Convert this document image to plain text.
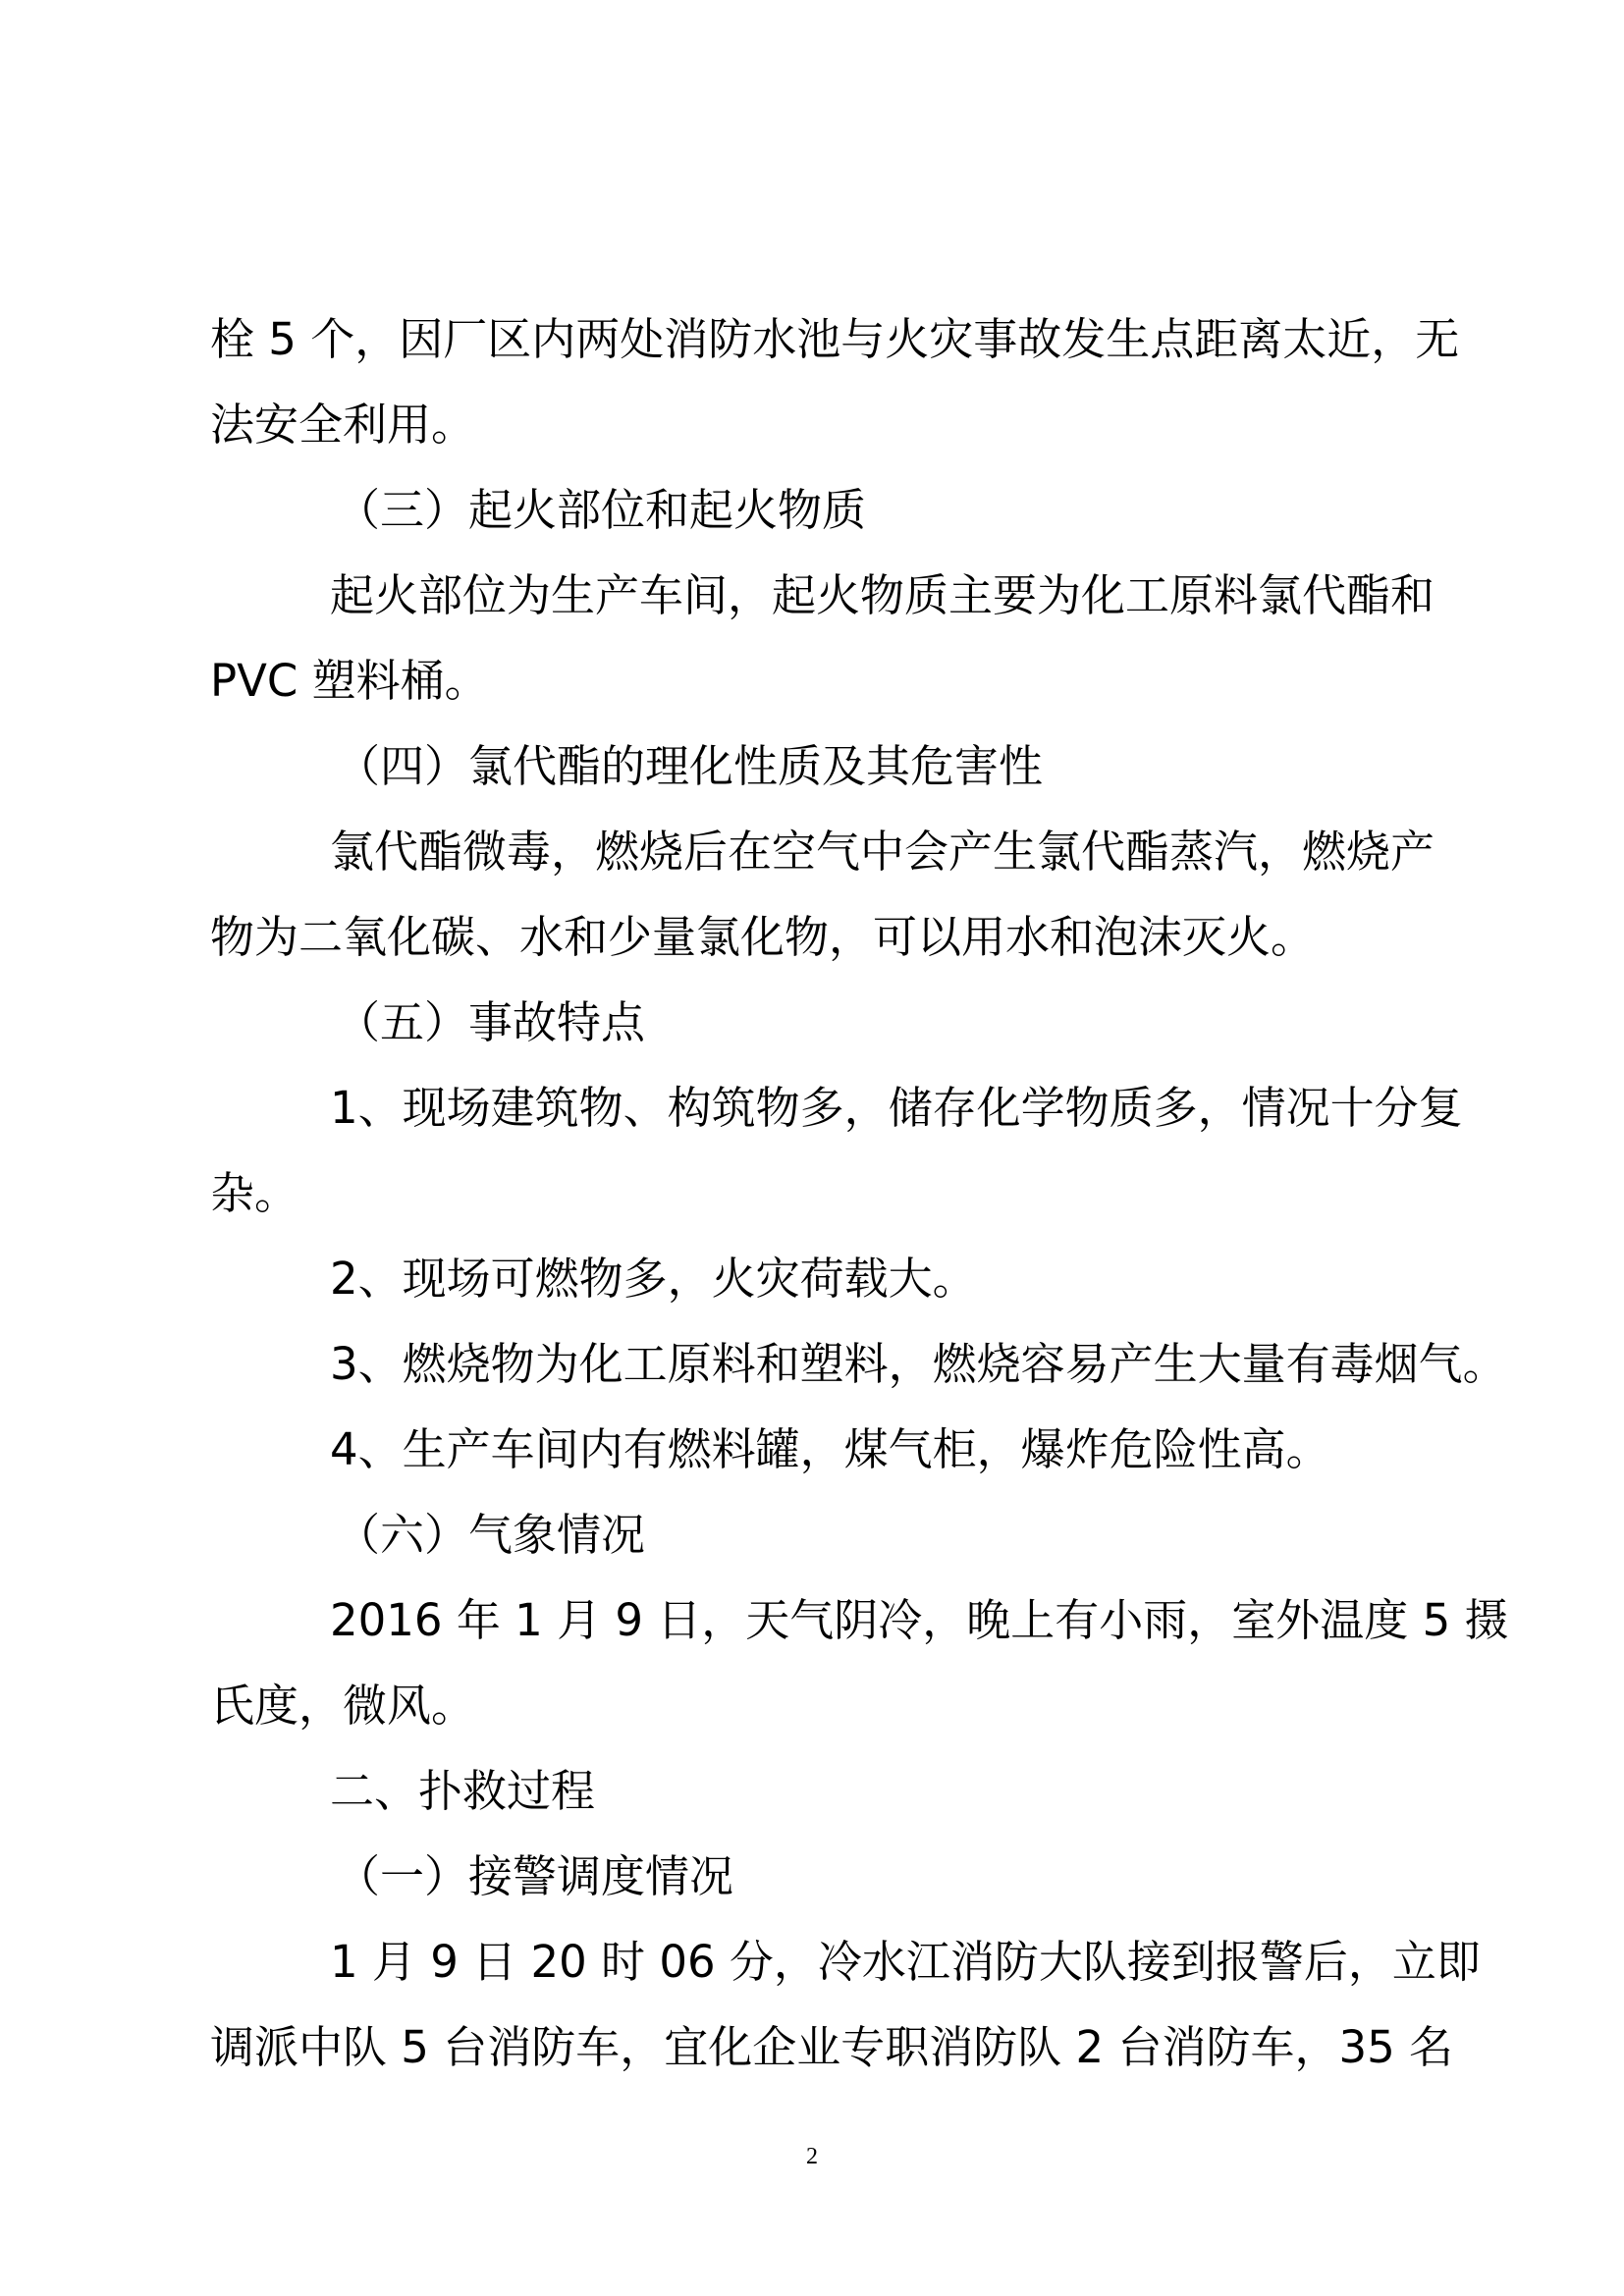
栓 5 个，因厂区内两处消防水池与火灾事故发生点距离太近，无
法安全利用。
（三）起火部位和起火物质
起火部位为生产车间，起火物质主要为化工原料氯代酯和
PVC 塑料桶。
（四）氯代酯的理化性质及其危害性
氯代酯微毒，燃烧后在空气中会产生氯代酯蒸汽，燃烧产
物为二氧化碳、水和少量氯化物，可以用水和泡沫灭火。
（五）事故特点
1、现场建筑物、构筑物多，储存化学物质多，情况十分复
杂。
2、现场可燃物多，火灾荷载大。
3、燃烧物为化工原料和塑料，燃烧容易产生大量有毒烟气。
4、生产车间内有燃料罐，煤气柜，爆炸危险性高。
（六）气象情况
2016 年 1 月 9 日，天气阴冷，晚上有小雨，室外温度 5 摄
氏度，微风。
二、扑救过程
（一）接警调度情况
1 月 9 日 20 时 06 分，冷水江消防大队接到报警后，立即
调派中队 5 台消防车，宜化企业专职消防队 2 台消防车，35 名
2
